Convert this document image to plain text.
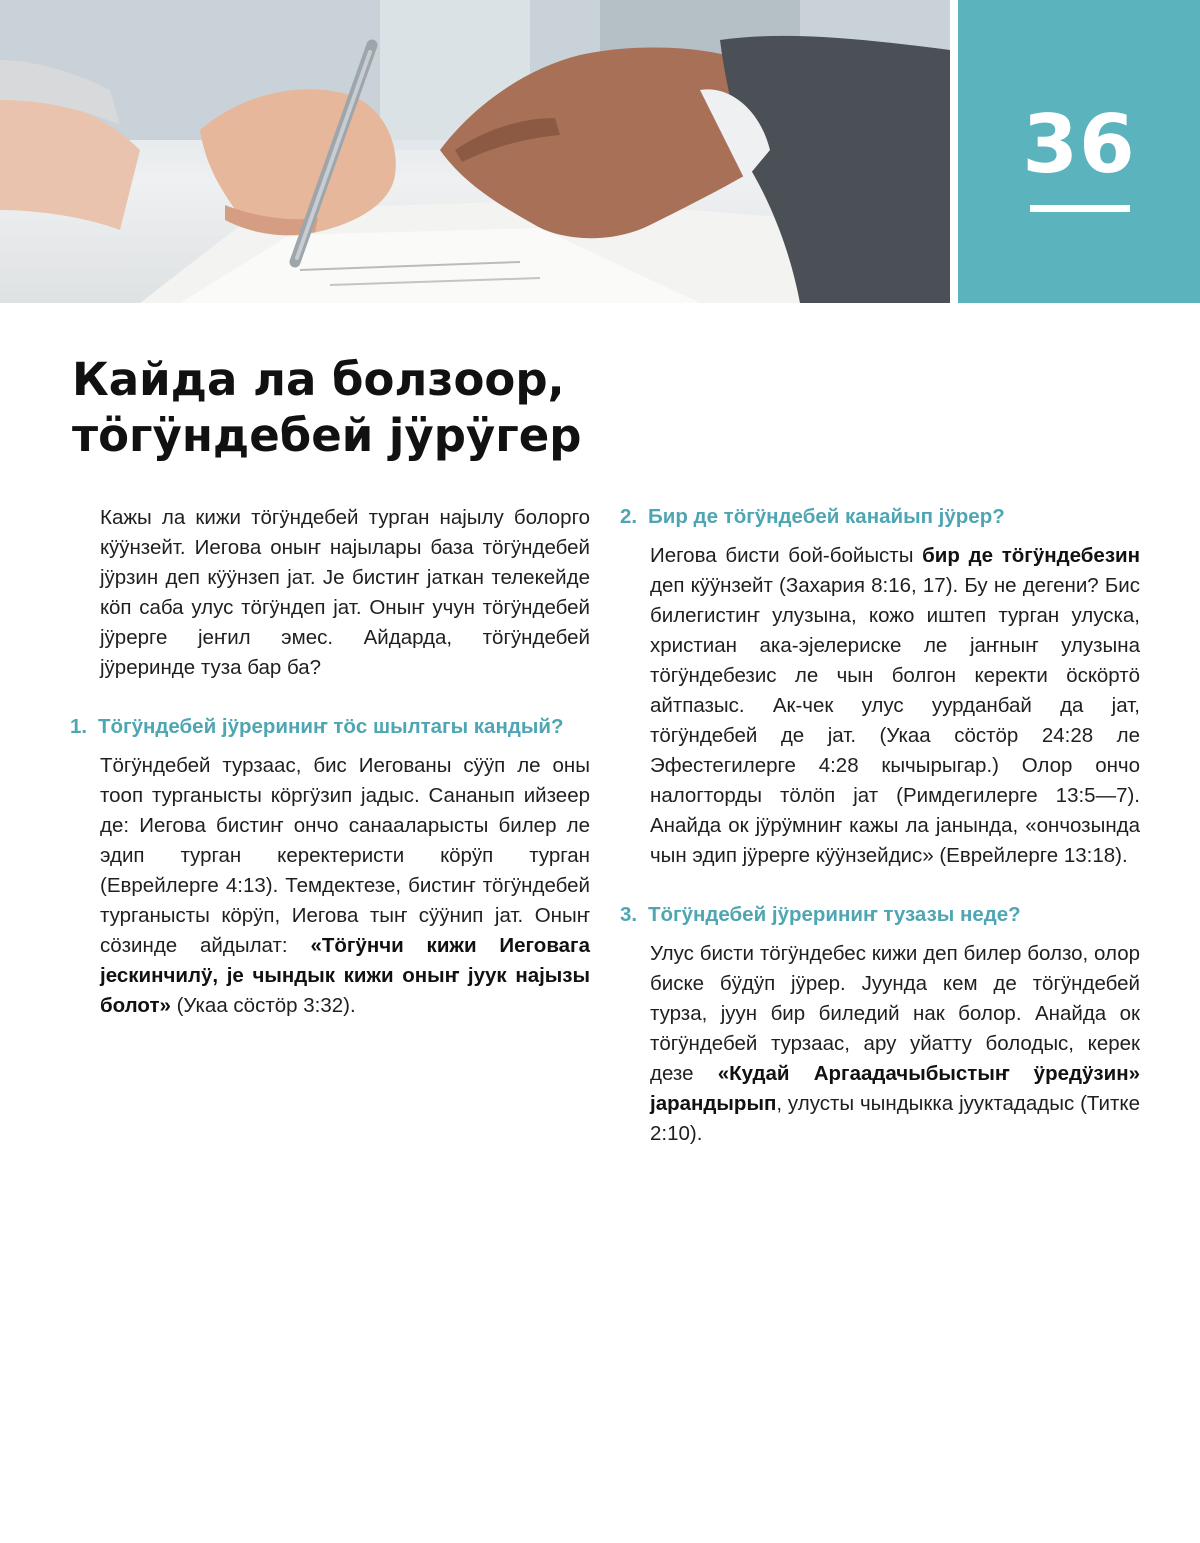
36
Кайда ла болзоор,
тӧгӱндебей јӱрӱгер

Кажы ла кижи тӧгӱндебей турган најылу болорго кӱӱнзейт. Иегова оныҥ најылары база тӧгӱндебей јӱрзин деп кӱӱнзеп јат. Је бистиҥ јаткан телекейде кӧп саба улус тӧгӱндеп јат. Оныҥ учун тӧгӱндебей јӱрерге јеҥил эмес. Айдарда, тӧгӱндебей јӱреринде туза бар ба?

1. Тӧгӱндебей јӱрериниҥ тӧс шылтагы кандый?

Тӧгӱндебей турзаас, бис Иегованы сӱӱп ле оны тооп турганысты кӧргӱзип јадыс. Сананып ийзеер де: Иегова бистиҥ ончо санааларысты билер ле эдип турган керектеристи кӧрӱп турган (Еврейлерге 4:13). Темдектезе, бистиҥ тӧгӱндебей турганысты кӧрӱп, Иегова тыҥ сӱӱнип јат. Оныҥ сӧзинде айдылат: «Тӧгӱнчи кижи Иеговага јескинчилӱ, је чындык кижи оныҥ јуук најызы болот» (Укаа сӧстӧр 3:32).

2. Бир де тӧгӱндебей канайып јӱрер?

Иегова бисти бой-бойысты бир де тӧгӱндебезин деп кӱӱнзейт (Захария 8:16, 17). Бу не дегени? Бис билегистиҥ улузына, кожо иштеп турган улуска, христиан ака-эјелериске ле јаҥныҥ улузына тӧгӱндебезис ле чын болгон керекти ӧскӧртӧ айтпазыс. Ак-чек улус уурданбай да јат, тӧгӱндебей де јат. (Укаа сӧстӧр 24:28 ле Эфестегилерге 4:28 кычырыгар.) Олор ончо налогторды тӧлӧп јат (Римдегилерге 13:5—7). Анайда ок јӱрӱмниҥ кажы ла јанында, «ончозында чын эдип јӱрерге кӱӱнзейдис» (Еврейлерге 13:18).

3. Тӧгӱндебей јӱрериниҥ тузазы неде?

Улус бисти тӧгӱндебес кижи деп билер болзо, олор биске бӱдӱп јӱрер. Јуунда кем де тӧгӱндебей турза, јуун бир биледий нак болор. Анайда ок тӧгӱндебей турзаас, ару уйатту болодыс, керек дезе «Кудай Аргаадачыбыстыҥ ӱредӱзин» јарандырып, улусты чындыкка јууктададыс (Титке 2:10).
